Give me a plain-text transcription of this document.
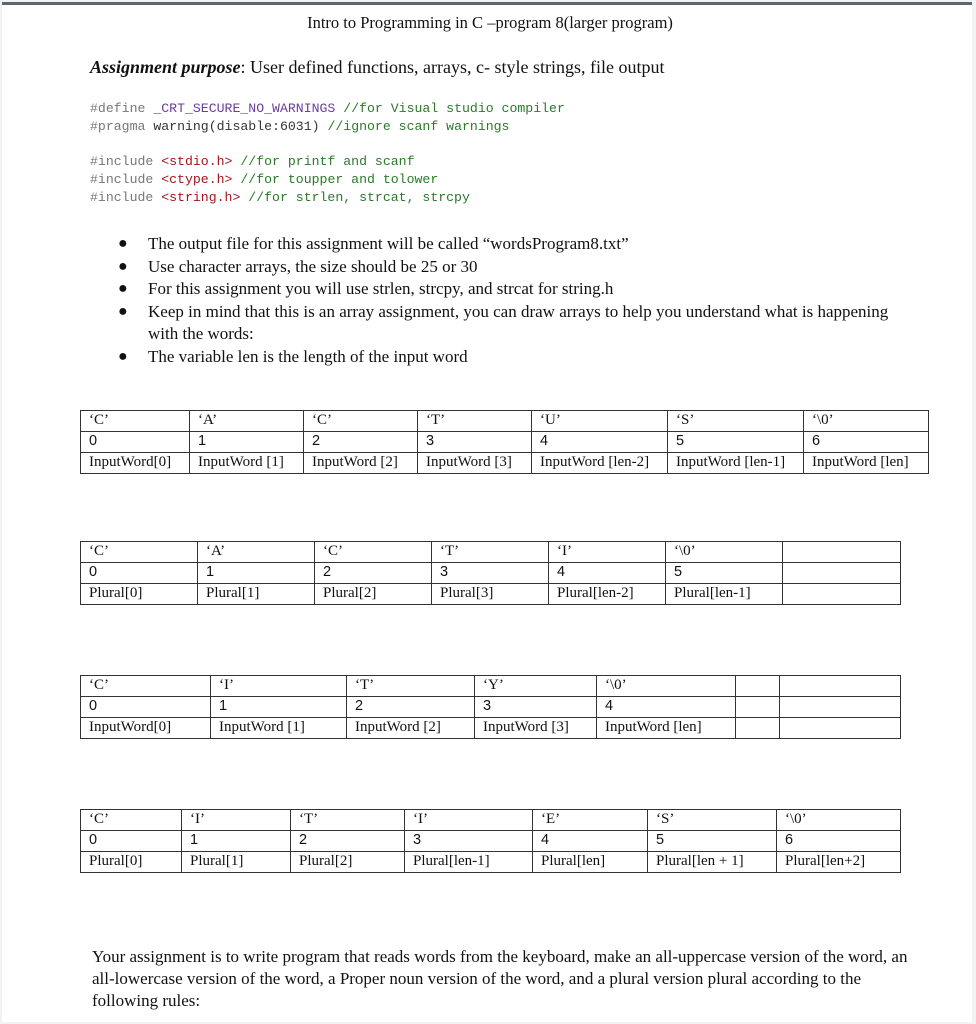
Intro to Programming in C –program 8(larger program)
Assignment purpose: User defined functions, arrays, c- style strings, file output
#define _CRT_SECURE_NO_WARNINGS //for Visual studio compiler
#pragma warning(disable:6031) //ignore scanf warnings
#include <stdio.h> //for printf and scanf
#include <ctype.h> //for toupper and tolower
#include <string.h> //for strlen, strcat, strcpy
● The output file for this assignment will be called “wordsProgram8.txt”
● Use character arrays, the size should be 25 or 30
● For this assignment you will use strlen, strcpy, and strcat for string.h
● Keep in mind that this is an array assignment, you can draw arrays to help you understand what is happening with the words:
● The variable len is the length of the input word
‘C’	‘A’	‘C’	‘T’	‘U’	‘S’	‘\0’
0	1	2	3	4	5	6
InputWord[0]	InputWord [1]	InputWord [2]	InputWord [3]	InputWord [len-2]	InputWord [len-1]	InputWord [len]
‘C’	‘A’	‘C’	‘T’	‘I’	‘\0’	
0	1	2	3	4	5	
Plural[0]	Plural[1]	Plural[2]	Plural[3]	Plural[len-2]	Plural[len-1]	
‘C’	‘I’	‘T’	‘Y’	‘\0’		
0	1	2	3	4		
InputWord[0]	InputWord [1]	InputWord [2]	InputWord [3]	InputWord [len]		
‘C’	‘I’	‘T’	‘I’	‘E’	‘S’	‘\0’
0	1	2	3	4	5	6
Plural[0]	Plural[1]	Plural[2]	Plural[len-1]	Plural[len]	Plural[len + 1]	Plural[len+2]
Your assignment is to write program that reads words from the keyboard, make an all-uppercase version of the word, an all-lowercase version of the word, a Proper noun version of the word, and a plural version plural according to the following rules:
